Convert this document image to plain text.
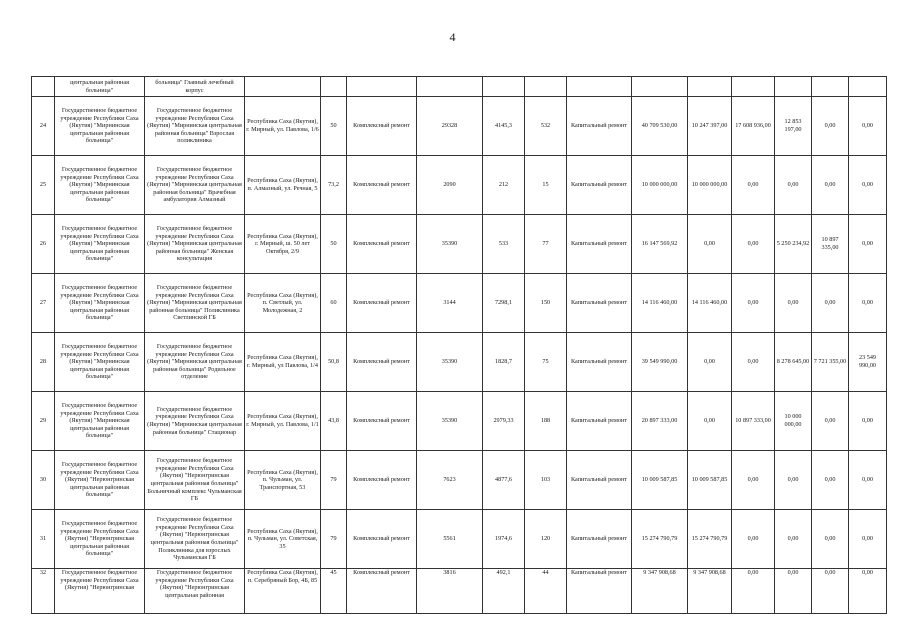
4
	центральная районная больница"	больница" Главный лечебный корпус													
24	Государственное бюджетное учреждение Республики Саха (Якутия) "Мирнинская центральная районная больница"	Государственное бюджетное учреждение Республики Саха (Якутия) "Мирнинская центральная районная больница" Взрослая поликлиника	Республика Саха (Якутия), г. Мирный, ул. Павлова, 1/6	50	Комплексный ремонт	29328	4145,3	532	Капитальный ремонт	40 709 530,00	10 247 397,00	17 608 936,00	12 853 197,00	0,00	0,00
25	Государственное бюджетное учреждение Республики Саха (Якутия) "Мирнинская центральная районная больница"	Государственное бюджетное учреждение Республики Саха (Якутия) "Мирнинская центральная районная больница" Врачебная амбулатория Алмазный	Республика Саха (Якутия), п. Алмазный, ул. Речная, 5	73,2	Комплексный ремонт	2090	212	15	Капитальный ремонт	10 000 000,00	10 000 000,00	0,00	0,00	0,00	0,00
26	Государственное бюджетное учреждение Республики Саха (Якутия) "Мирнинская центральная районная больница"	Государственное бюджетное учреждение Республики Саха (Якутия) "Мирнинская центральная районная больница" Женская консультация	Республика Саха (Якутия), г. Мирный, ш. 50 лет Октября, 2/9	50	Комплексный ремонт	35390	533	77	Капитальный ремонт	16 147 569,92	0,00	0,00	5 250 234,92	10 897 335,00	0,00
27	Государственное бюджетное учреждение Республики Саха (Якутия) "Мирнинская центральная районная больница"	Государственное бюджетное учреждение Республики Саха (Якутия) "Мирнинская центральная районная больница" Поликлиника Светлинской ГБ	Республика Саха (Якутия), п. Светлый, ул. Молодежная, 2	60	Комплексный ремонт	3144	7298,1	150	Капитальный ремонт	14 116 460,00	14 116 460,00	0,00	0,00	0,00	0,00
28	Государственное бюджетное учреждение Республики Саха (Якутия) "Мирнинская центральная районная больница"	Государственное бюджетное учреждение Республики Саха (Якутия) "Мирнинская центральная районная больница" Родильное отделение	Республика Саха (Якутия), г. Мирный, ул Павлова, 1/4	50,8	Комплексный ремонт	35390	1828,7	75	Капитальный ремонт	39 549 990,00	0,00	0,00	8 278 645,00	7 721 355,00	23 549 990,00
29	Государственное бюджетное учреждение Республики Саха (Якутия) "Мирнинская центральная районная больница"	Государственное бюджетное учреждение Республики Саха (Якутия) "Мирнинская центральная районная больница" Стационар	Республика Саха (Якутия), г. Мирный, ул. Павлова, 1/1	43,8	Комплексный ремонт	35390	2979,33	188	Капитальный ремонт	20 897 333,00	0,00	10 897 333,00	10 000 000,00	0,00	0,00
30	Государственное бюджетное учреждение Республики Саха (Якутия) "Нерюнгринская центральная районная больница"	Государственное бюджетное учреждение Республики Саха (Якутия) "Нерюнгринская центральная районная больница" Больничный комплекс Чульманская ГБ	Республика Саха (Якутия), п. Чульман, ул. Транспортная, 53	79	Комплексный ремонт	7623	4877,6	103	Капитальный ремонт	10 009 587,85	10 009 587,85	0,00	0,00	0,00	0,00
31	Государственное бюджетное учреждение Республики Саха (Якутия) "Нерюнгринская центральная районная больница"	Государственное бюджетное учреждение Республики Саха (Якутия) "Нерюнгринская центральная районная больница" Поликлиника для взрослых Чульманская ГБ	Республика Саха (Якутия), п. Чульман, ул. Советская, 35	79	Комплексный ремонт	5561	1974,6	120	Капитальный ремонт	15 274 790,79	15 274 790,79	0,00	0,00	0,00	0,00
32	Государственное бюджетное учреждение Республики Саха (Якутия) "Нерюнгринская	Государственное бюджетное учреждение Республики Саха (Якутия) "Нерюнгринская центральная районная	Республика Саха (Якутия), п. Серебряный Бор, 4Б, 85	45	Комплексный ремонт	3816	492,1	44	Капитальный ремонт	9 347 908,68	9 347 908,68	0,00	0,00	0,00	0,00
